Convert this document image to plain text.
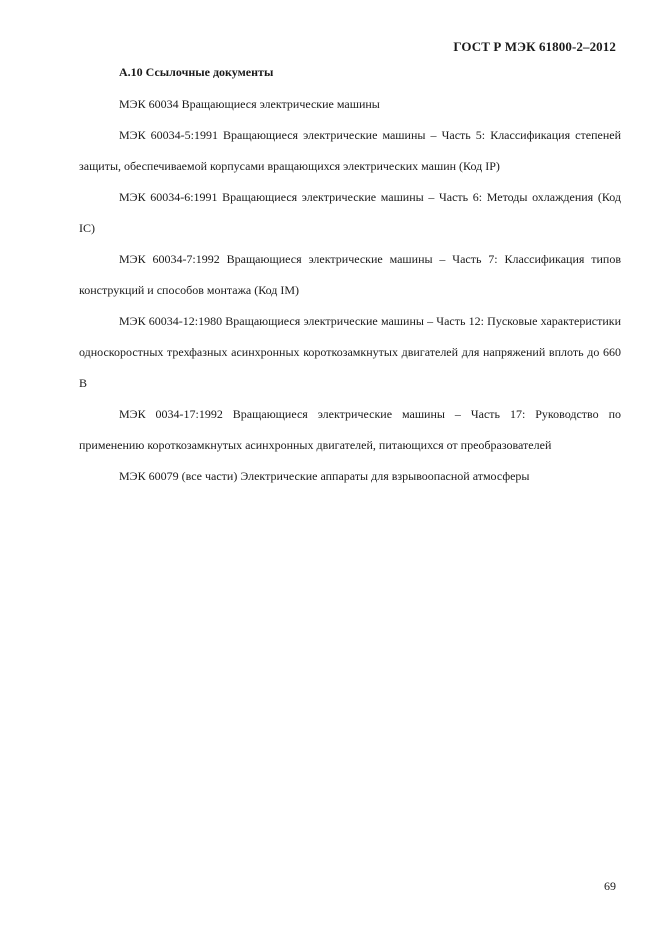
ГОСТ Р МЭК 61800-2–2012
А.10 Ссылочные документы

МЭК 60034 Вращающиеся электрические машины

МЭК 60034-5:1991 Вращающиеся электрические машины – Часть 5: Классификация степеней защиты, обеспечиваемой корпусами вращающихся электрических машин (Код IP)

МЭК 60034-6:1991 Вращающиеся электрические машины – Часть 6: Методы охлаждения (Код IC)

МЭК 60034-7:1992 Вращающиеся электрические машины – Часть 7: Классификация типов конструкций и способов монтажа (Код IM)

МЭК 60034-12:1980 Вращающиеся электрические машины – Часть 12: Пусковые характеристики односкоростных трехфазных асинхронных короткозамкнутых двигателей для напряжений вплоть до 660 В

МЭК 0034-17:1992 Вращающиеся электрические машины – Часть 17: Руководство по применению короткозамкнутых асинхронных двигателей, питающихся от преобразователей

МЭК 60079 (все части) Электрические аппараты для взрывоопасной атмосферы

69
